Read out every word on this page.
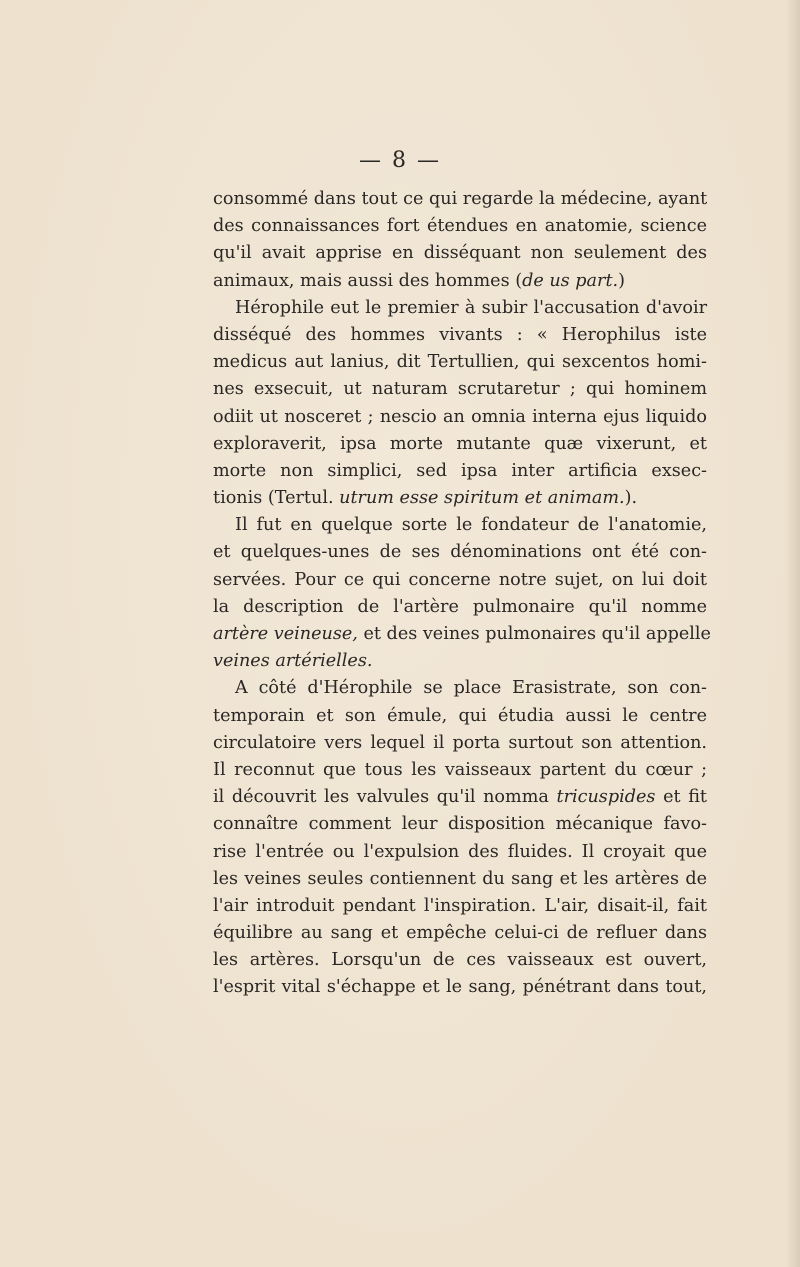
— 8 —
consommé dans tout ce qui regarde la médecine, ayant
des connaissances fort étendues en anatomie, science
qu'il avait apprise en disséquant non seulement des
animaux, mais aussi des hommes (de us part.)
Hérophile eut le premier à subir l'accusation d'avoir
disséqué des hommes vivants : « Herophilus iste
medicus aut lanius, dit Tertullien, qui sexcentos homi-
nes exsecuit, ut naturam scrutaretur ; qui hominem
odiit ut nosceret ; nescio an omnia interna ejus liquido
exploraverit, ipsa morte mutante quæ vixerunt, et
morte non simplici, sed ipsa inter artificia exsec-
tionis (Tertul. utrum esse spiritum et animam.).
Il fut en quelque sorte le fondateur de l'anatomie,
et quelques-unes de ses dénominations ont été con-
servées. Pour ce qui concerne notre sujet, on lui doit
la description de l'artère pulmonaire qu'il nomme
artère veineuse, et des veines pulmonaires qu'il appelle
veines artérielles.
A côté d'Hérophile se place Erasistrate, son con-
temporain et son émule, qui étudia aussi le centre
circulatoire vers lequel il porta surtout son attention.
Il reconnut que tous les vaisseaux partent du cœur ;
il découvrit les valvules qu'il nomma tricuspides et fit
connaître comment leur disposition mécanique favo-
rise l'entrée ou l'expulsion des fluides. Il croyait que
les veines seules contiennent du sang et les artères de
l'air introduit pendant l'inspiration. L'air, disait-il, fait
équilibre au sang et empêche celui-ci de refluer dans
les artères. Lorsqu'un de ces vaisseaux est ouvert,
l'esprit vital s'échappe et le sang, pénétrant dans tout,
